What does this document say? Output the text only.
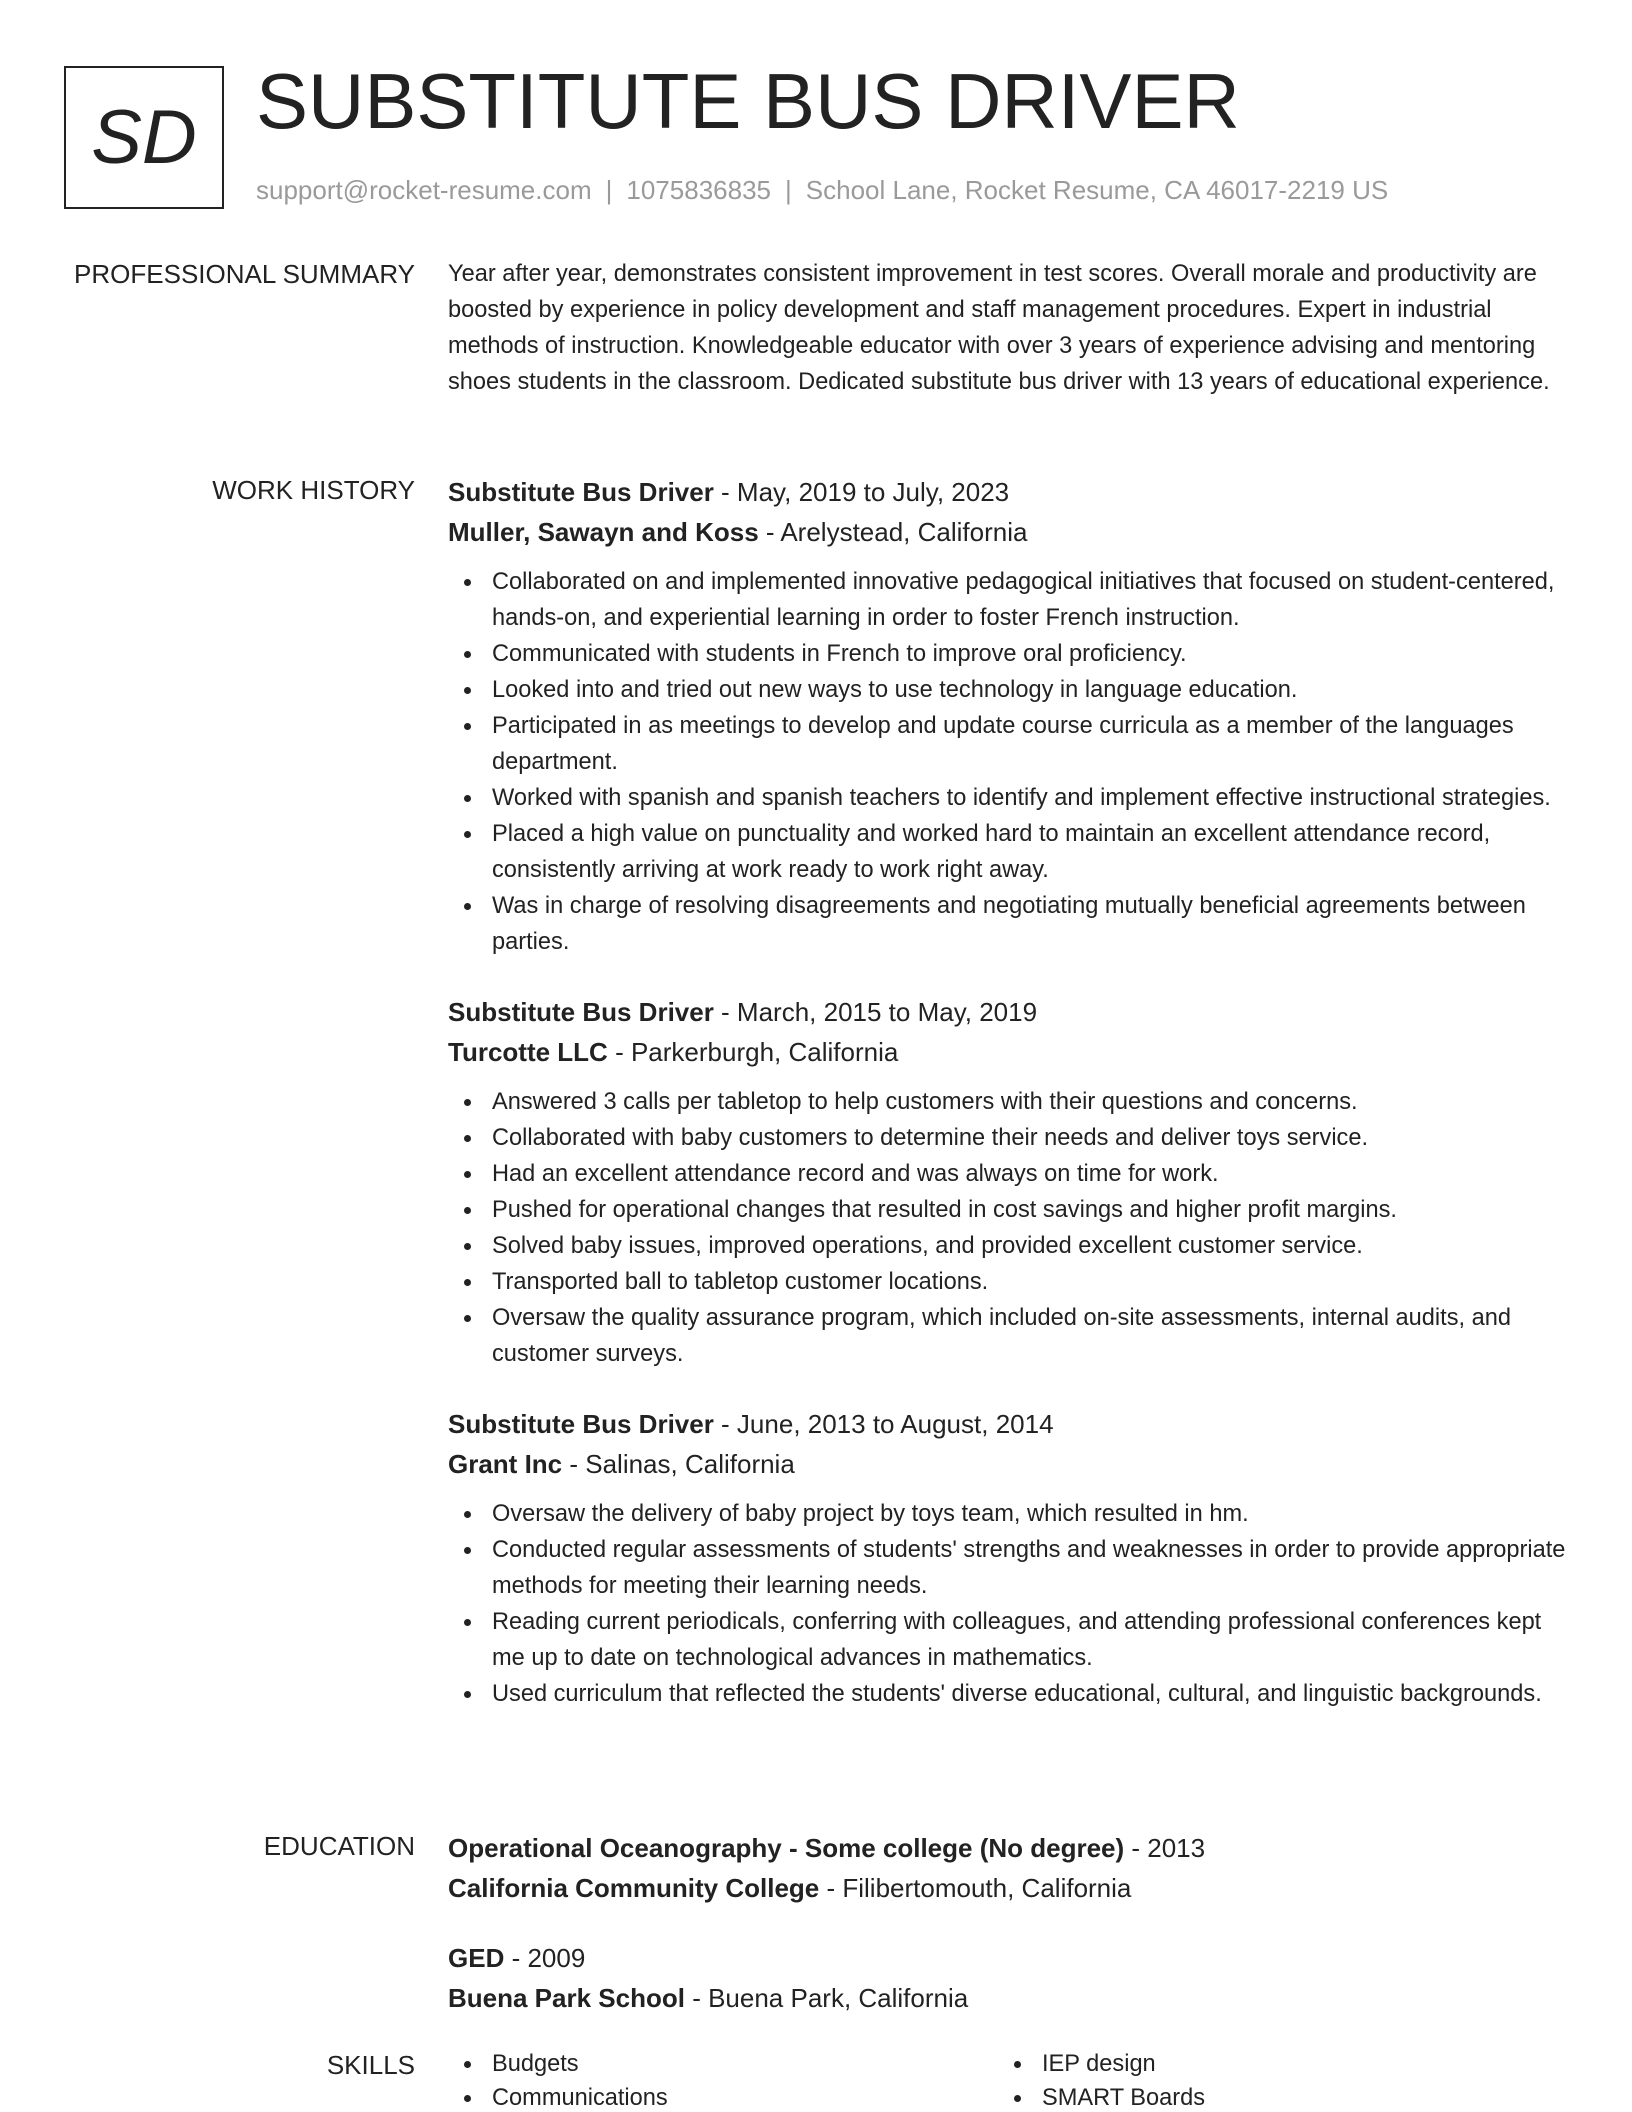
SD SUBSTITUTE BUS DRIVER
support@rocket-resume.com | 1075836835 | School Lane, Rocket Resume, CA 46017-2219 US
PROFESSIONAL SUMMARY Year after year, demonstrates consistent improvement in test scores. Overall morale and productivity are boosted by experience in policy development and staff management procedures. Expert in industrial methods of instruction. Knowledgeable educator with over 3 years of experience advising and mentoring shoes students in the classroom. Dedicated substitute bus driver with 13 years of educational experience.

WORK HISTORY Substitute Bus Driver - May, 2019 to July, 2023
Muller, Sawayn and Koss - Arelystead, California
Collaborated on and implemented innovative pedagogical initiatives that focused on student-centered, hands-on, and experiential learning in order to foster French instruction.
Communicated with students in French to improve oral proficiency.
Looked into and tried out new ways to use technology in language education.
Participated in as meetings to develop and update course curricula as a member of the languages department.
Worked with spanish and spanish teachers to identify and implement effective instructional strategies.
Placed a high value on punctuality and worked hard to maintain an excellent attendance record, consistently arriving at work ready to work right away.
Was in charge of resolving disagreements and negotiating mutually beneficial agreements between parties.
Substitute Bus Driver - March, 2015 to May, 2019
Turcotte LLC - Parkerburgh, California
Answered 3 calls per tabletop to help customers with their questions and concerns.
Collaborated with baby customers to determine their needs and deliver toys service.
Had an excellent attendance record and was always on time for work.
Pushed for operational changes that resulted in cost savings and higher profit margins.
Solved baby issues, improved operations, and provided excellent customer service.
Transported ball to tabletop customer locations.
Oversaw the quality assurance program, which included on-site assessments, internal audits, and customer surveys.
Substitute Bus Driver - June, 2013 to August, 2014
Grant Inc - Salinas, California
Oversaw the delivery of baby project by toys team, which resulted in hm.
Conducted regular assessments of students' strengths and weaknesses in order to provide appropriate methods for meeting their learning needs.
Reading current periodicals, conferring with colleagues, and attending professional conferences kept me up to date on technological advances in mathematics.
Used curriculum that reflected the students' diverse educational, cultural, and linguistic backgrounds.
EDUCATION Operational Oceanography - Some college (No degree) - 2013
California Community College - Filibertomouth, California
GED - 2009
Buena Park School - Buena Park, California
SKILLS	Budgets
Communications
IEP design
SMART Boards
